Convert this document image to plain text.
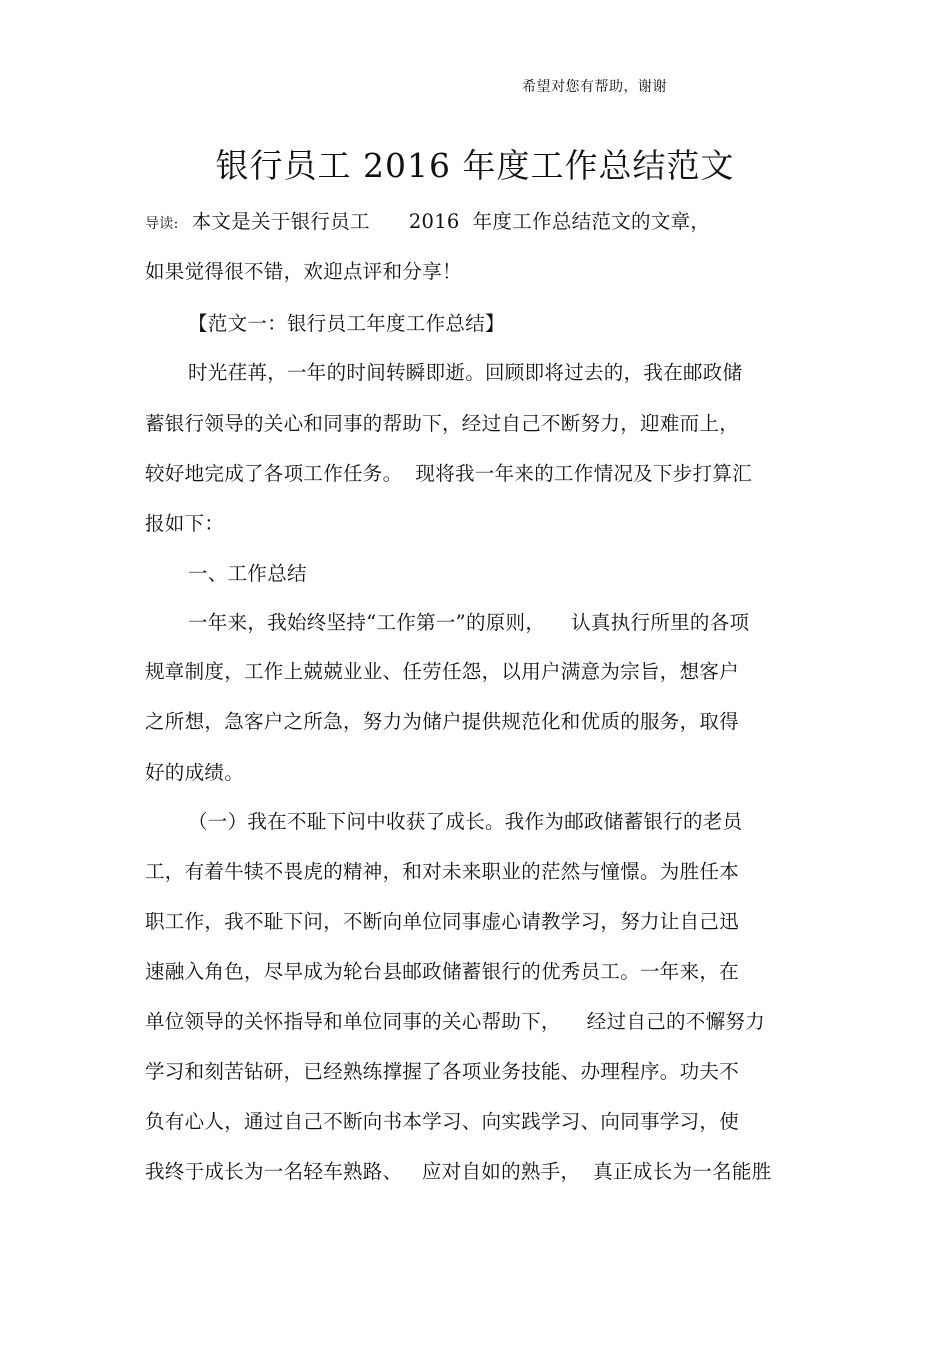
希望对您有帮助，谢谢
银行员工 2016 年度工作总结范文
导读:  本文是关于银行员工      2016  年度工作总结范文的文章，
如果觉得很不错，欢迎点评和分享！
【范文一：银行员工年度工作总结】
时光荏苒，一年的时间转瞬即逝。回顾即将过去的，我在邮政储
蓄银行领导的关心和同事的帮助下，经过自己不断努力，迎难而上，
较好地完成了各项工作任务。  现将我一年来的工作情况及下步打算汇
报如下：
一、工作总结
一年来，我始终坚持“工作第一”的原则，    认真执行所里的各项
规章制度，工作上兢兢业业、任劳任怨，以用户满意为宗旨，想客户
之所想，急客户之所急，努力为储户提供规范化和优质的服务，取得
好的成绩。
（一）我在不耻下问中收获了成长。我作为邮政储蓄银行的老员
工，有着牛犊不畏虎的精神，和对未来职业的茫然与憧憬。为胜任本
职工作，我不耻下问，不断向单位同事虚心请教学习，努力让自己迅
速融入角色，尽早成为轮台县邮政储蓄银行的优秀员工。一年来，在
单位领导的关怀指导和单位同事的关心帮助下，    经过自己的不懈努力
学习和刻苦钻研，已经熟练撑握了各项业务技能、办理程序。功夫不
负有心人，通过自己不断向书本学习、向实践学习、向同事学习，使
我终于成长为一名轻车熟路、   应对自如的熟手，  真正成长为一名能胜
